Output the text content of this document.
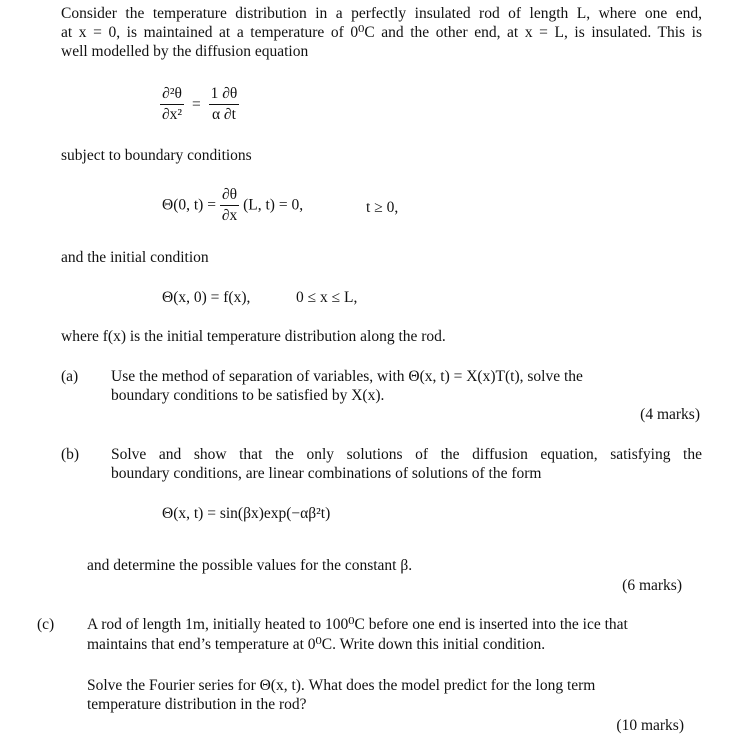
Consider the temperature distribution in a perfectly insulated rod of length L, where one end,
at x = 0, is maintained at a temperature of 0⁰C and the other end, at x = L, is insulated. This is
well modelled by the diffusion equation
$\frac{\text{∂²θ}}{\text{∂x²}} = \frac{1 \partial\theta}{\alpha \partial t}$
subject to boundary conditions
Θ(0, $t) = \frac{\partial\theta}{\partial x} (L$, t) = 0,	t ≥ 0,
and the initial condition
Θ(x, 0) = f(x),	0 ≤ x ≤ L,
where f(x) is the initial temperature distribution along the rod.
(a) Use the method of separation of variables, with Θ(x, t) = X(x)T(t), solve the
boundary conditions to be satisfied by X(x).
(4 marks)
(b) Solve and show that the only solutions of the diffusion equation, satisfying the
boundary conditions, are linear combinations of solutions of the form
Θ(x, t) = sin(βx)exp(−αβ²t)
and determine the possible values for the constant β.
(6 marks)
(c) A rod of length 1m, initially heated to 100⁰C before one end is inserted into the ice that
maintains that end’s temperature at 0⁰C. Write down this initial condition.
Solve the Fourier series for Θ(x, t). What does the model predict for the long term
temperature distribution in the rod?
(10 marks)
